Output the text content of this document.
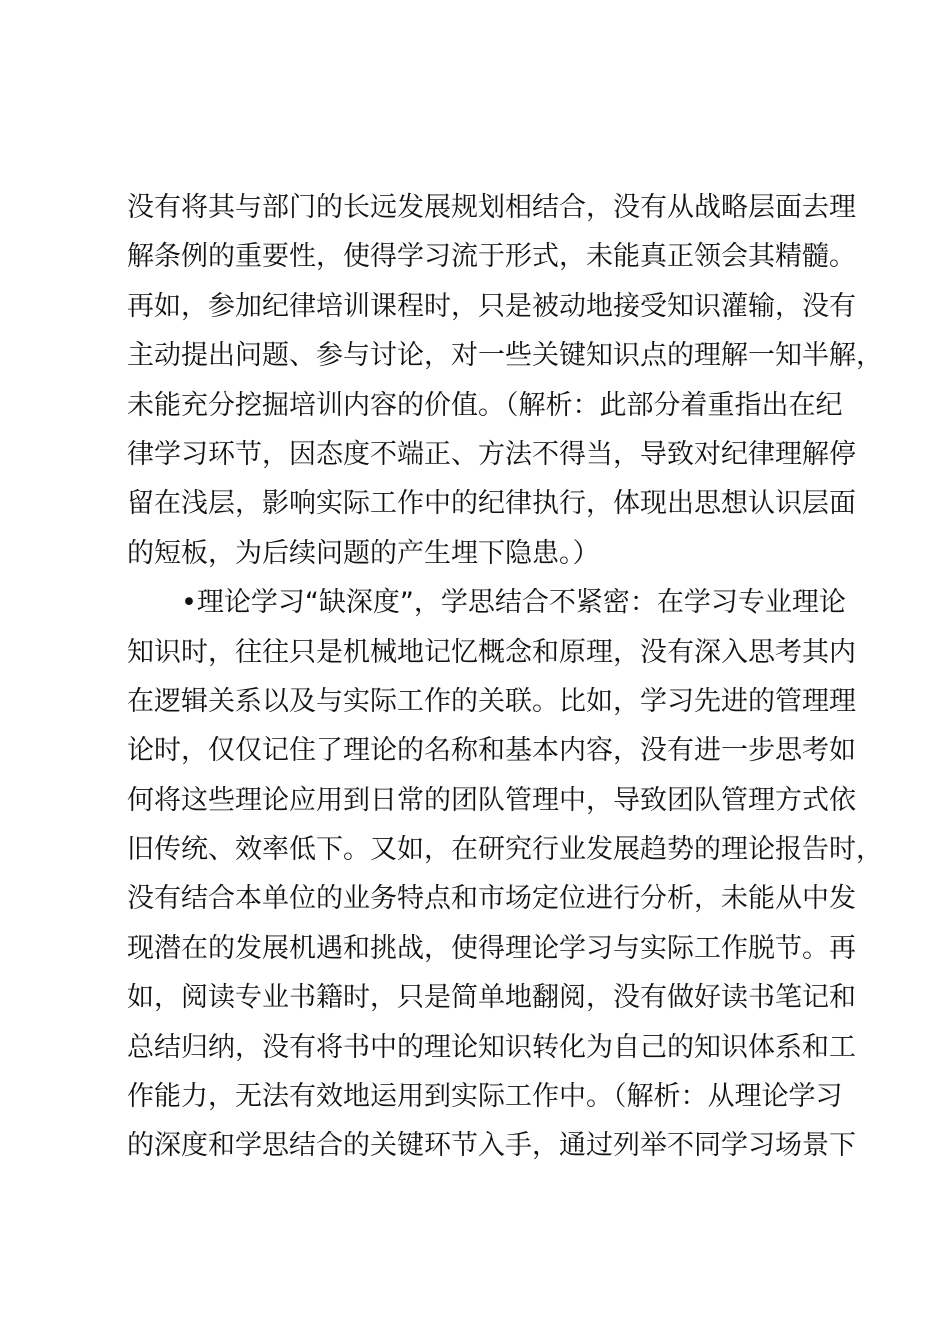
没有将其与部门的长远发展规划相结合，没有从战略层面去理
解条例的重要性，使得学习流于形式，未能真正领会其精髓。
再如，参加纪律培训课程时，只是被动地接受知识灌输，没有
主动提出问题、参与讨论，对一些关键知识点的理解一知半解，
未能充分挖掘培训内容的价值。（解析：此部分着重指出在纪
律学习环节，因态度不端正、方法不得当，导致对纪律理解停
留在浅层，影响实际工作中的纪律执行，体现出思想认识层面
的短板，为后续问题的产生埋下隐患。）
　　•理论学习“缺深度”，学思结合不紧密：在学习专业理论
知识时，往往只是机械地记忆概念和原理，没有深入思考其内
在逻辑关系以及与实际工作的关联。比如，学习先进的管理理
论时，仅仅记住了理论的名称和基本内容，没有进一步思考如
何将这些理论应用到日常的团队管理中，导致团队管理方式依
旧传统、效率低下。又如，在研究行业发展趋势的理论报告时，
没有结合本单位的业务特点和市场定位进行分析，未能从中发
现潜在的发展机遇和挑战，使得理论学习与实际工作脱节。再
如，阅读专业书籍时，只是简单地翻阅，没有做好读书笔记和
总结归纳，没有将书中的理论知识转化为自己的知识体系和工
作能力，无法有效地运用到实际工作中。（解析：从理论学习
的深度和学思结合的关键环节入手，通过列举不同学习场景下
